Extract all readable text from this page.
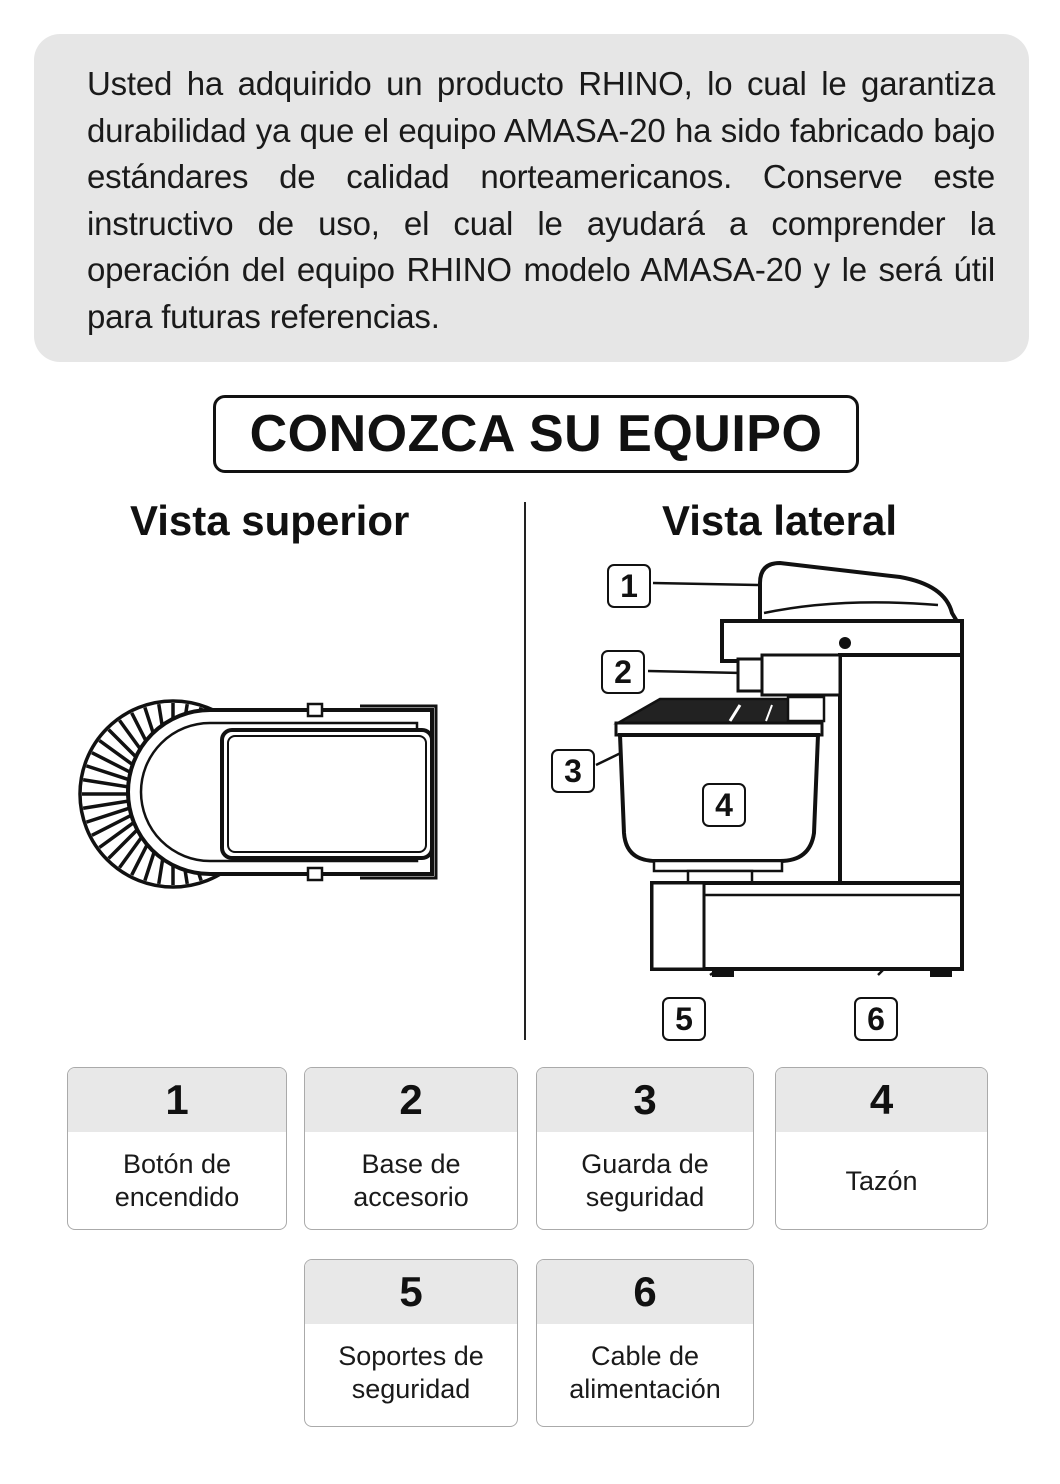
Usted ha adquirido un producto RHINO, lo cual le garantiza durabilidad ya que el equipo AMASA-20 ha sido fabricado bajo estándares de calidad norteamericanos. Conserve este instructivo de uso, el cual le ayudará a comprender la operación del equipo RHINO modelo AMASA-20 y le será útil para futuras referencias.

CONOZCA SU EQUIPO
Vista superior	Vista lateral
1
2
3
4
5	6
1
Botón de encendido
2
Base de accesorio
3
Guarda de seguridad
4
Tazón
5
Soportes de seguridad
6
Cable de alimentación
